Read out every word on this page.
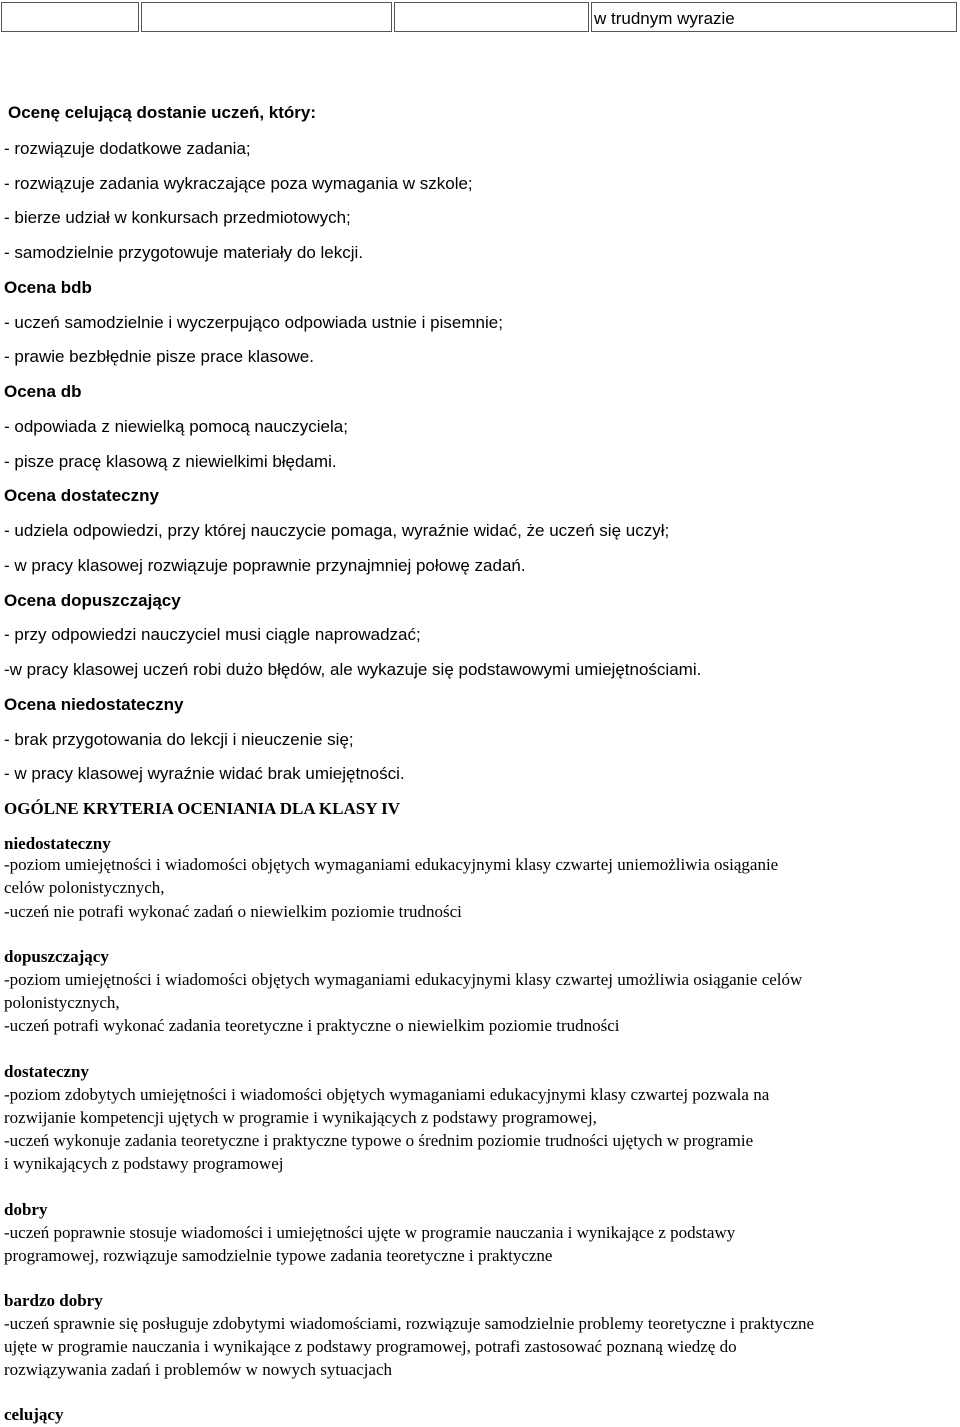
w trudnym wyrazie
Ocenę celującą dostanie uczeń, który:
- rozwiązuje dodatkowe zadania;
- rozwiązuje zadania wykraczające poza wymagania w szkole;
- bierze udział w konkursach przedmiotowych;
- samodzielnie przygotowuje materiały do lekcji.
Ocena bdb
- uczeń samodzielnie i wyczerpująco odpowiada ustnie i pisemnie;
- prawie bezbłędnie pisze prace klasowe.
Ocena db
- odpowiada z niewielką pomocą nauczyciela;
- pisze pracę klasową z niewielkimi błędami.
Ocena dostateczny
- udziela odpowiedzi, przy której nauczycie pomaga, wyraźnie widać, że uczeń się uczył;
- w pracy klasowej rozwiązuje poprawnie przynajmniej połowę zadań.
Ocena dopuszczający
- przy odpowiedzi nauczyciel musi ciągle naprowadzać;
-w pracy klasowej uczeń robi dużo błędów, ale wykazuje się podstawowymi umiejętnościami.
Ocena niedostateczny
- brak przygotowania do lekcji i nieuczenie się;
- w pracy klasowej wyraźnie widać brak umiejętności.
OGÓLNE KRYTERIA OCENIANIA DLA KLASY IV
niedostateczny
-poziom umiejętności i wiadomości objętych wymaganiami edukacyjnymi klasy czwartej uniemożliwia osiąganie
celów polonistycznych,
-uczeń nie potrafi wykonać zadań o niewielkim poziomie trudności
dopuszczający
-poziom umiejętności i wiadomości objętych wymaganiami edukacyjnymi klasy czwartej umożliwia osiąganie celów
polonistycznych,
-uczeń potrafi wykonać zadania teoretyczne i praktyczne o niewielkim poziomie trudności
dostateczny
-poziom zdobytych umiejętności i wiadomości objętych wymaganiami edukacyjnymi klasy czwartej pozwala na
rozwijanie kompetencji ujętych w programie i wynikających z podstawy programowej,
-uczeń wykonuje zadania teoretyczne i praktyczne typowe o średnim poziomie trudności ujętych w programie
i wynikających z podstawy programowej
dobry
-uczeń poprawnie stosuje wiadomości i umiejętności ujęte w programie nauczania i wynikające z podstawy
programowej, rozwiązuje samodzielnie typowe zadania teoretyczne i praktyczne
bardzo dobry
-uczeń sprawnie się posługuje zdobytymi wiadomościami, rozwiązuje samodzielnie problemy teoretyczne i praktyczne
ujęte w programie nauczania i wynikające z podstawy programowej, potrafi zastosować poznaną wiedzę do
rozwiązywania zadań i problemów w nowych sytuacjach
celujący
